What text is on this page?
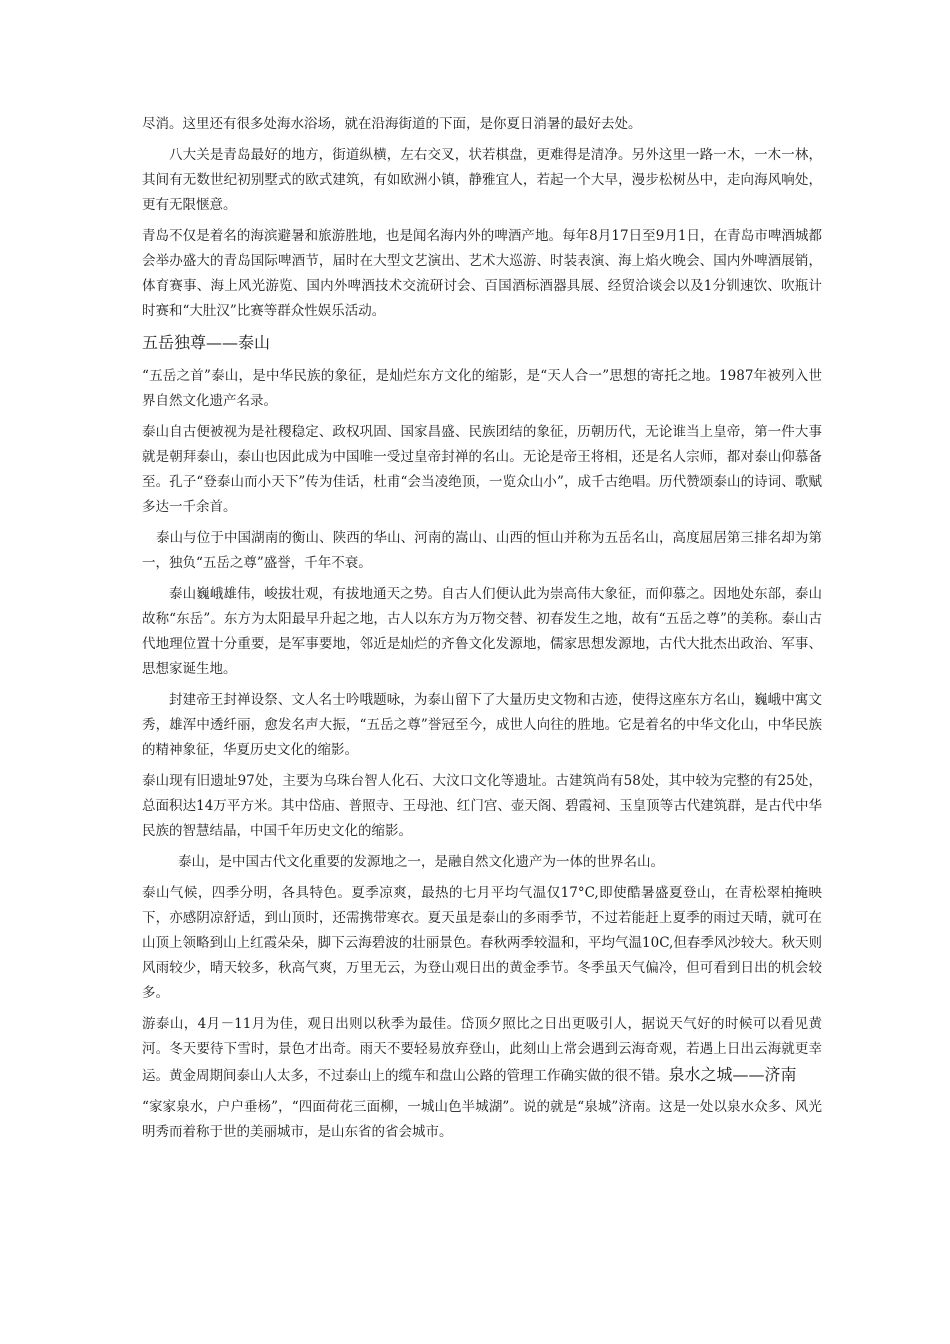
尽消。这里还有很多处海水浴场，就在沿海街道的下面，是你夏日消暑的最好去处。

八大关是青岛最好的地方，街道纵横，左右交叉，状若棋盘，更难得是清净。另外这里一路一木，一木一林，其间有无数世纪初别墅式的欧式建筑，有如欧洲小镇，静雅宜人，若起一个大早，漫步松树丛中，走向海风响处，更有无限惬意。

青岛不仅是着名的海滨避暑和旅游胜地，也是闻名海内外的啤酒产地。每年8月17日至9月1日，在青岛市啤酒城都会举办盛大的青岛国际啤酒节，届时在大型文艺演出、艺术大巡游、时装表演、海上焰火晚会、国内外啤酒展销，体育赛事、海上风光游览、国内外啤酒技术交流研讨会、百国酒标酒器具展、经贸洽谈会以及1分钏速饮、吹瓶计时赛和“大肚汉”比赛等群众性娱乐活动。

五岳独尊——泰山

“五岳之首”泰山，是中华民族的象征，是灿烂东方文化的缩影，是“天人合一”思想的寄托之地。1987年被列入世界自然文化遗产名录。

泰山自古便被视为是社稷稳定、政权巩固、国家昌盛、民族团结的象征，历朝历代，无论谁当上皇帝，第一件大事就是朝拜泰山，泰山也因此成为中国唯一受过皇帝封禅的名山。无论是帝王将相，还是名人宗师，都对泰山仰慕备至。孔子“登泰山而小天下”传为佳话，杜甫“会当凌绝顶，一览众山小”，成千古绝唱。历代赞颂泰山的诗词、歌赋多达一千余首。

泰山与位于中国湖南的衡山、陕西的华山、河南的嵩山、山西的恒山并称为五岳名山，高度屈居第三排名却为第一，独负“五岳之尊”盛誉，千年不衰。

泰山巍峨雄伟，峻拔壮观，有拔地通天之势。自古人们便认此为崇高伟大象征，而仰慕之。因地处东部，泰山故称“东岳”。东方为太阳最早升起之地，古人以东方为万物交替、初春发生之地，故有“五岳之尊”的美称。泰山古代地理位置十分重要，是军事要地，邻近是灿烂的齐鲁文化发源地，儒家思想发源地，古代大批杰出政治、军事、思想家诞生地。

封建帝王封禅设祭、文人名士吟哦题咏，为泰山留下了大量历史文物和古迹，使得这座东方名山，巍峨中寓文秀，雄浑中透纤丽，愈发名声大振，“五岳之尊”誉冠至今，成世人向往的胜地。它是着名的中华文化山，中华民族的精神象征，华夏历史文化的缩影。

泰山现有旧遗址97处，主要为乌珠台智人化石、大汶口文化等遗址。古建筑尚有58处，其中较为完整的有25处，总面积达14万平方米。其中岱庙、普照寺、王母池、红门宫、壶天阁、碧霞祠、玉皇顶等古代建筑群，是古代中华民族的智慧结晶，中国千年历史文化的缩影。

泰山，是中国古代文化重要的发源地之一，是融自然文化遗产为一体的世界名山。

泰山气候，四季分明，各具特色。夏季凉爽，最热的七月平均气温仅17°C,即使酷暑盛夏登山，在青松翠柏掩映下，亦感阴凉舒适，到山顶时，还需携带寒衣。夏天虽是泰山的多雨季节，不过若能赶上夏季的雨过天晴，就可在山顶上领略到山上红霞朵朵，脚下云海碧波的壮丽景色。春秋两季较温和，平均气温10C,但春季风沙较大。秋天则风雨较少，晴天较多，秋高气爽，万里无云，为登山观日出的黄金季节。冬季虽天气偏冷，但可看到日出的机会较多。

游泰山，4月－11月为佳，观日出则以秋季为最佳。岱顶夕照比之日出更吸引人，据说天气好的时候可以看见黄河。冬天要待下雪时，景色才出奇。雨天不要轻易放弃登山，此刻山上常会遇到云海奇观，若遇上日出云海就更幸运。黄金周期间泰山人太多，不过泰山上的缆车和盘山公路的管理工作确实做的很不错。泉水之城——济南

“家家泉水，户户垂杨”，“四面荷花三面柳，一城山色半城湖”。说的就是“泉城”济南。这是一处以泉水众多、风光明秀而着称于世的美丽城市，是山东省的省会城市。
